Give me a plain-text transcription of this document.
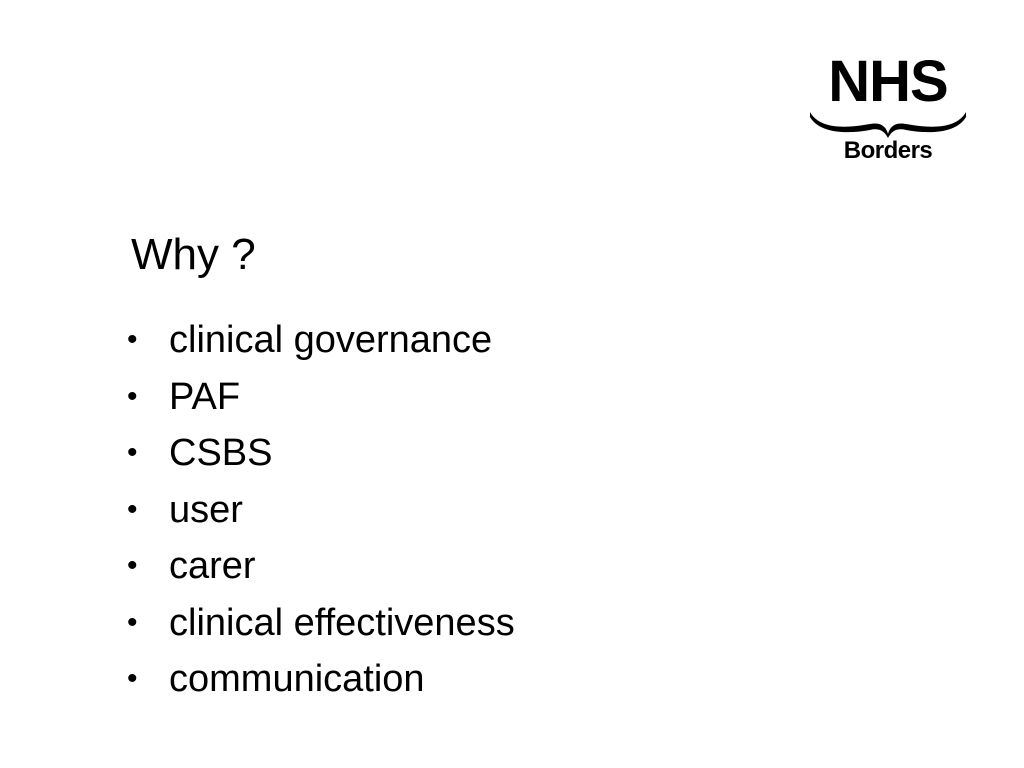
NHS
Borders
Why ?
• clinical governance
• PAF
• CSBS
• user
• carer
• clinical effectiveness
• communication
